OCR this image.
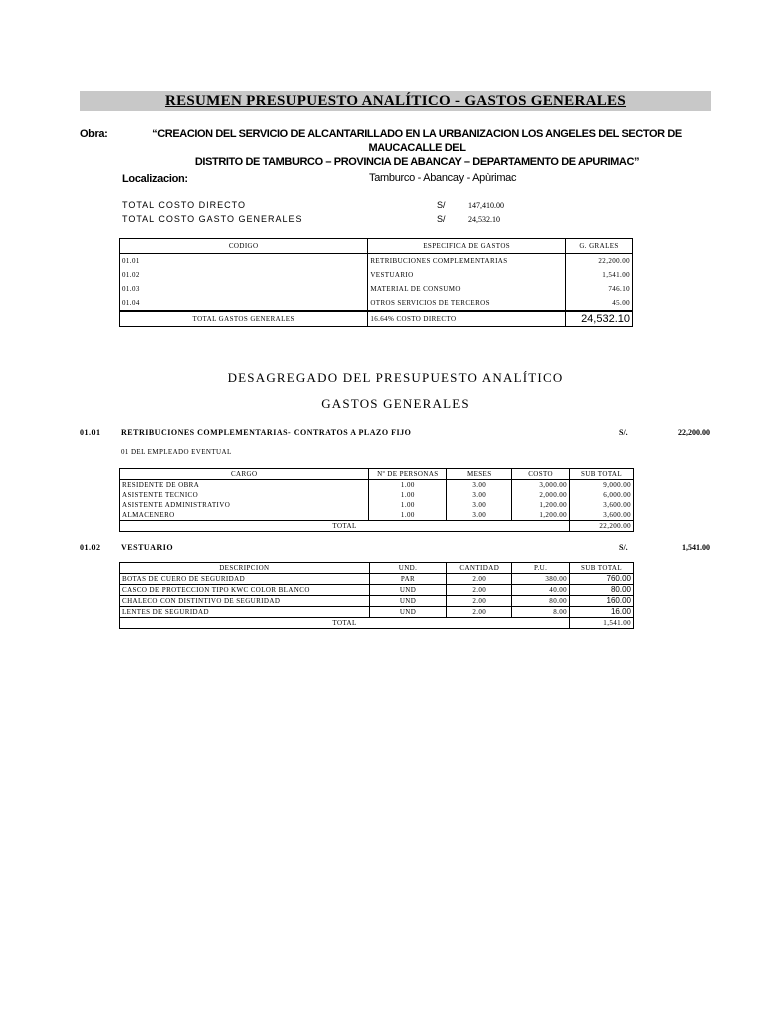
RESUMEN PRESUPUESTO ANALÍTICO - GASTOS GENERALES
Obra:	“CREACION DEL SERVICIO DE ALCANTARILLADO EN LA URBANIZACION LOS ANGELES DEL SECTOR DE MAUCACALLE DEL
DISTRITO DE TAMBURCO – PROVINCIA DE ABANCAY – DEPARTAMENTO DE APURIMAC”
Localizacion:	Tamburco - Abancay - Apùrimac
TOTAL COSTO DIRECTO	S/	147,410.00
TOTAL COSTO GASTO GENERALES	S/	24,532.10
CODIGO	ESPECIFICA DE GASTOS	G. GRALES
01.01	RETRIBUCIONES COMPLEMENTARIAS	22,200.00
01.02	VESTUARIO	1,541.00
01.03	MATERIAL DE CONSUMO	746.10
01.04	OTROS SERVICIOS DE TERCEROS	45.00
TOTAL GASTOS GENERALES	16.64% COSTO DIRECTO	24,532.10
DESAGREGADO DEL PRESUPUESTO ANALÍTICO
GASTOS GENERALES
01.01	RETRIBUCIONES COMPLEMENTARIAS- CONTRATOS A PLAZO FIJO	S/.	22,200.00
01 DEL EMPLEADO EVENTUAL
CARGO	Nº DE PERSONAS	MESES	COSTO	SUB TOTAL
RESIDENTE DE OBRA	1.00	3.00	3,000.00	9,000.00
ASISTENTE TECNICO	1.00	3.00	2,000.00	6,000.00
ASISTENTE ADMINISTRATIVO	1.00	3.00	1,200.00	3,600.00
ALMACENERO	1.00	3.00	1,200.00	3,600.00
TOTAL				22,200.00
01.02	VESTUARIO	S/.	1,541.00
DESCRIPCION	UND.	CANTIDAD	P.U.	SUB TOTAL
BOTAS DE CUERO DE SEGURIDAD	PAR	2.00	380.00	760.00
CASCO DE PROTECCION TIPO KWC COLOR BLANCO	UND	2.00	40.00	80.00
CHALECO CON DISTINTIVO DE SEGURIDAD	UND	2.00	80.00	160.00
LENTES DE SEGURIDAD	UND	2.00	8.00	16.00
TOTAL				1,541.00
